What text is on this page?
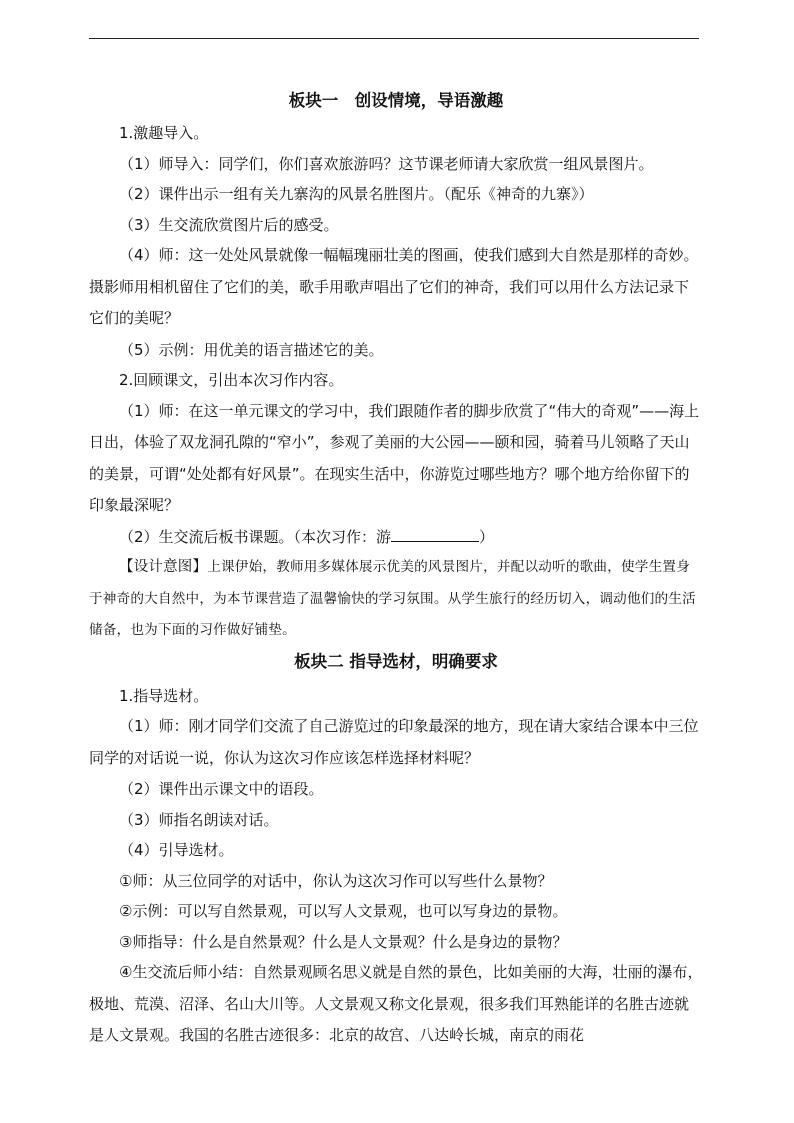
板块一　创设情境，导语激趣

1.激趣导入。

（1）师导入：同学们，你们喜欢旅游吗？这节课老师请大家欣赏一组风景图片。

（2）课件出示一组有关九寨沟的风景名胜图片。（配乐《神奇的九寨》）

（3）生交流欣赏图片后的感受。

（4）师：这一处处风景就像一幅幅瑰丽壮美的图画，使我们感到大自然是那样的奇妙。摄影师用相机留住了它们的美，歌手用歌声唱出了它们的神奇，我们可以用什么方法记录下它们的美呢？

（5）示例：用优美的语言描述它的美。

2.回顾课文，引出本次习作内容。

（1）师：在这一单元课文的学习中，我们跟随作者的脚步欣赏了“伟大的奇观”——海上日出，体验了双龙洞孔隙的“窄小”，参观了美丽的大公园——颐和园，骑着马儿领略了天山的美景，可谓“处处都有好风景”。在现实生活中，你游览过哪些地方？哪个地方给你留下的印象最深呢？

（2）生交流后板书课题。（本次习作：游	）

【设计意图】上课伊始，教师用多媒体展示优美的风景图片，并配以动听的歌曲，使学生置身于神奇的大自然中，为本节课营造了温馨愉快的学习氛围。从学生旅行的经历切入，调动他们的生活储备，也为下面的习作做好铺垫。

板块二 指导选材，明确要求

1.指导选材。

（1）师：刚才同学们交流了自己游览过的印象最深的地方，现在请大家结合课本中三位同学的对话说一说，你认为这次习作应该怎样选择材料呢？

（2）课件出示课文中的语段。

（3）师指名朗读对话。

（4）引导选材。

①师：从三位同学的对话中，你认为这次习作可以写些什么景物？

②示例：可以写自然景观，可以写人文景观，也可以写身边的景物。

③师指导：什么是自然景观？什么是人文景观？什么是身边的景物？

④生交流后师小结：自然景观顾名思义就是自然的景色，比如美丽的大海，壮丽的瀑布，极地、荒漠、沼泽、名山大川等。人文景观又称文化景观，很多我们耳熟能详的名胜古迹就是人文景观。我国的名胜古迹很多：北京的故宫、八达岭长城，南京的雨花
